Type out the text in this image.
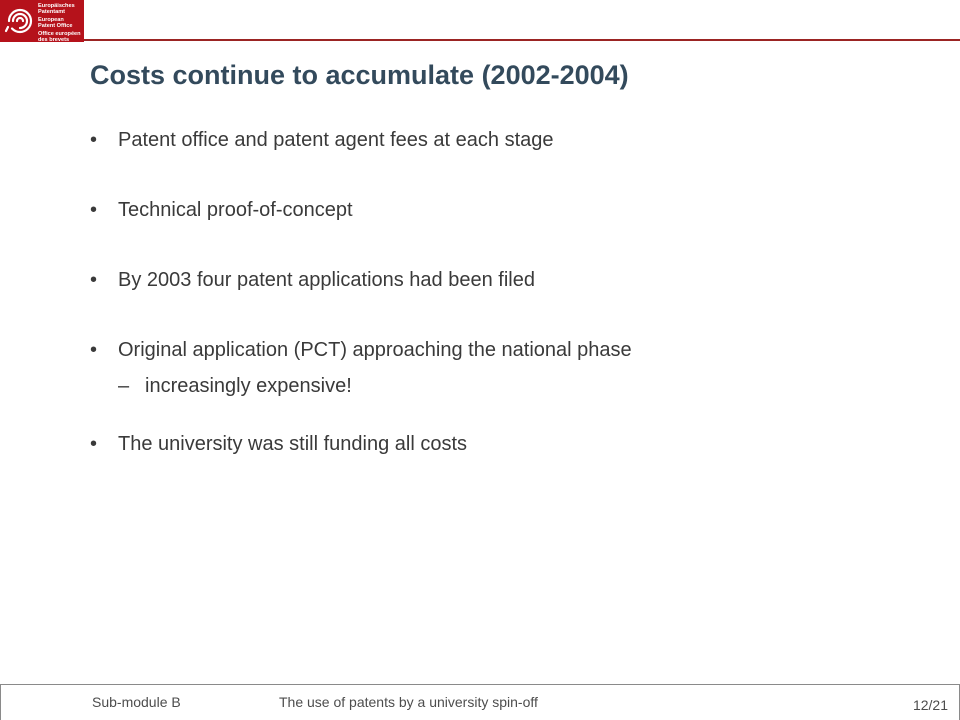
Europäisches
Patentamt
European
Patent Office
Office européen
des brevets
Costs continue to accumulate (2002-2004)
• Patent office and patent agent fees at each stage
• Technical proof-of-concept
• By 2003 four patent applications had been filed
• Original application (PCT) approaching the national phase
– increasingly expensive!
• The university was still funding all costs
Sub-module B	The use of patents by a university spin-off	12/21
